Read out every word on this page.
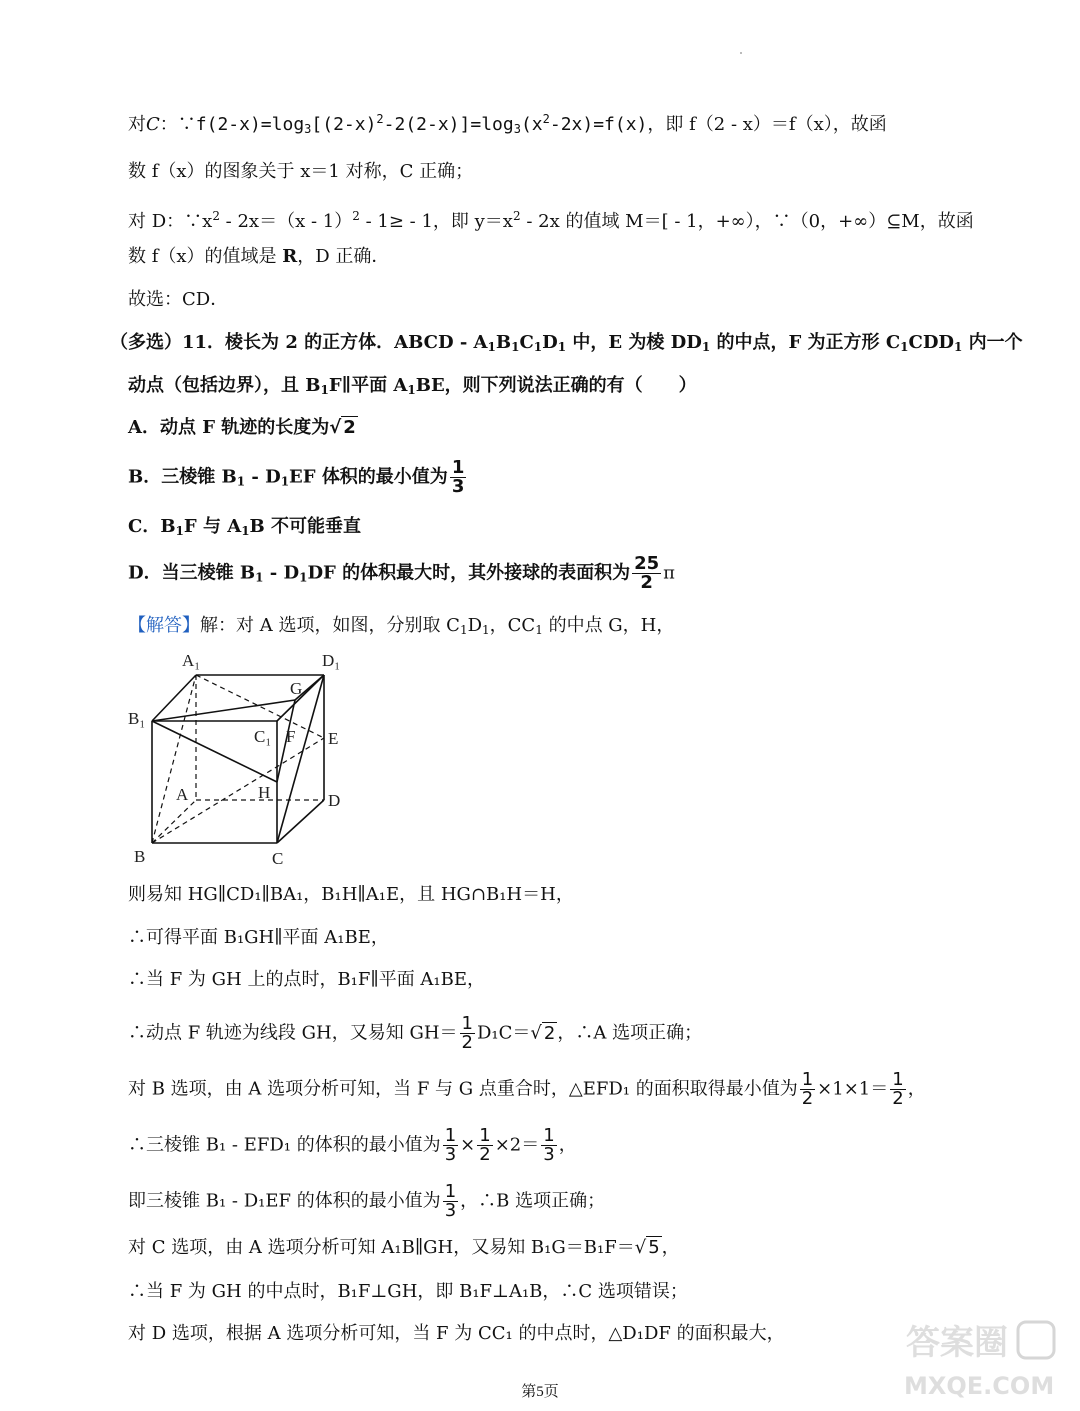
对C：$\because f(2-x)=\log_3[(2-x)^2-2(2-x)]=\log_3(x^2-2x)=f(x)$，即 f（2 - x）＝f（x），故函
数 f（x）的图象关于 x＝1 对称，C 正确；
对 D：$\because x^2 - 2x=(x - 1)^2 - 1\ge - 1$，即 $y=x^2 - 2x$ 的值域 M＝[ - 1，+∞），∵（0，+∞）⊆M，故函
数 f（x）的值域是 R，D 正确．
故选：CD．
（多选）11．棱长为 2 的正方体．ABCD - $A_1B_1C_1D_1$ 中，E 为棱 $DD_1$ 的中点，F 为正方形 $C_1CDD_1$ 内一个
动点（包括边界），且 $B_1F\parallel$平面 $A_1BE$，则下列说法正确的有（　　）
A．动点 F 轨迹的长度为√ 2
B．三棱锥 $B_1 - D_1EF$ 体积的最小值为 $\frac{1}{3}$
C．$B_1F$ 与 $A_1B$ 不可能垂直
D．当三棱锥 $B_1 - D_1DF$ 的体积最大时，其外接球的表面积为 $\frac{25}{2}$ π
【解答】解：对 A 选项，如图，分别取 $C_1D_1$，$CC_1$ 的中点 G，H，
A₁	D₁
G
B₁
C₁ F E
A	H	D
B	C
则易知 HG∥CD₁∥BA₁，B₁H∥A₁E，且 HG∩B₁H＝H，
∴可得平面 B₁GH∥平面 A₁BE，
∴当 F 为 GH 上的点时，B₁F∥平面 A₁BE，
∴动点 F 轨迹为线段 GH，又易知 $GH= \frac{1}{2} D_1C=√$ 2 ，∴A 选项正确；
对 B 选项，由 A 选项分析可知，当 F 与 G 点重合时，△EFD₁ 的面积取得最小值为 $\frac{1}{2} \times 1\times 1= \frac{1}{2}$ ，
∴三棱锥 B₁ - EFD₁ 的体积的最小值为 $\frac{1}{3} \times \frac{1}{2} \times 2= \frac{1}{3}$ ，
即三棱锥 B₁ - D₁EF 的体积的最小值为 $\frac{1}{3}$ ，∴B 选项正确；
对 C 选项，由 A 选项分析可知 A₁B∥GH，又易知 B₁G＝B₁F＝√ 5 ，
∴当 F 为 GH 的中点时，B₁F⊥GH，即 B₁F⊥A₁B，∴C 选项错误；
对 D 选项，根据 A 选项分析可知，当 F 为 CC₁ 的中点时，△D₁DF 的面积最大，	答案圈
MXQE.COM
第5页
